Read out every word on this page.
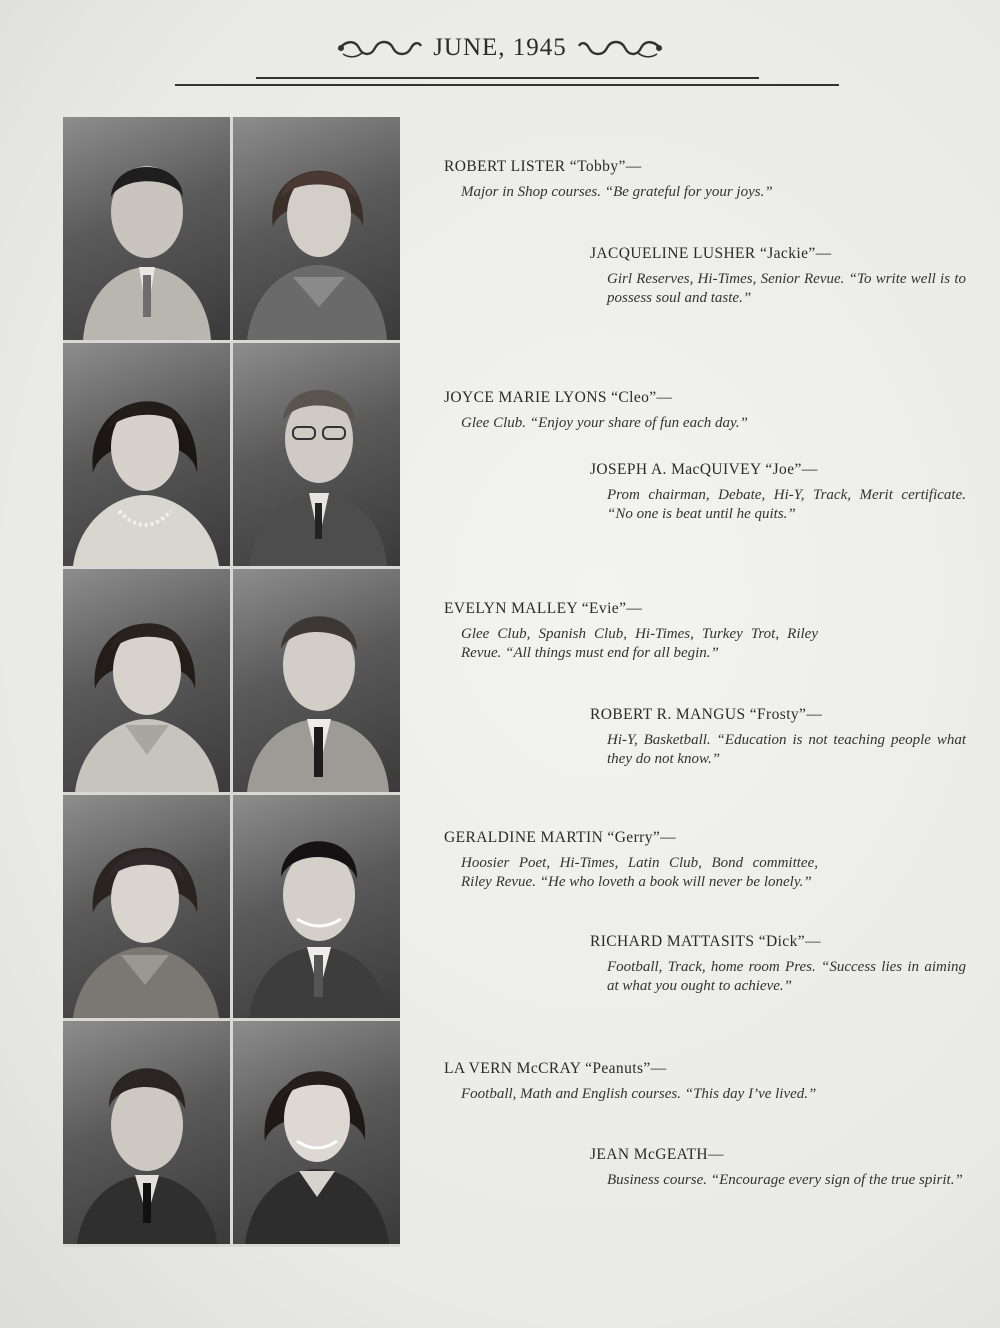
JUNE, 1945
ROBERT LISTER “Tobby”—
Major in Shop courses. “Be grateful for your joys.”
JACQUELINE LUSHER “Jackie”—
Girl Reserves, Hi-Times, Senior Revue. “To write well is to possess soul and taste.”
JOYCE MARIE LYONS “Cleo”—
Glee Club. “Enjoy your share of fun each day.”
JOSEPH A. MacQUIVEY “Joe”—
Prom chairman, Debate, Hi-Y, Track, Merit certificate. “No one is beat until he quits.”
EVELYN MALLEY “Evie”—
Glee Club, Spanish Club, Hi-Times, Turkey Trot, Riley Revue. “All things must end for all begin.”
ROBERT R. MANGUS “Frosty”—
Hi-Y, Basketball. “Education is not teaching people what they do not know.”
GERALDINE MARTIN “Gerry”—
Hoosier Poet, Hi-Times, Latin Club, Bond committee, Riley Revue. “He who loveth a book will never be lonely.”
RICHARD MATTASITS “Dick”—
Football, Track, home room Pres. “Success lies in aiming at what you ought to achieve.”
LA VERN McCRAY “Peanuts”—
Football, Math and English courses. “This day I’ve lived.”
JEAN McGEATH—
Business course. “Encourage every sign of the true spirit.”
